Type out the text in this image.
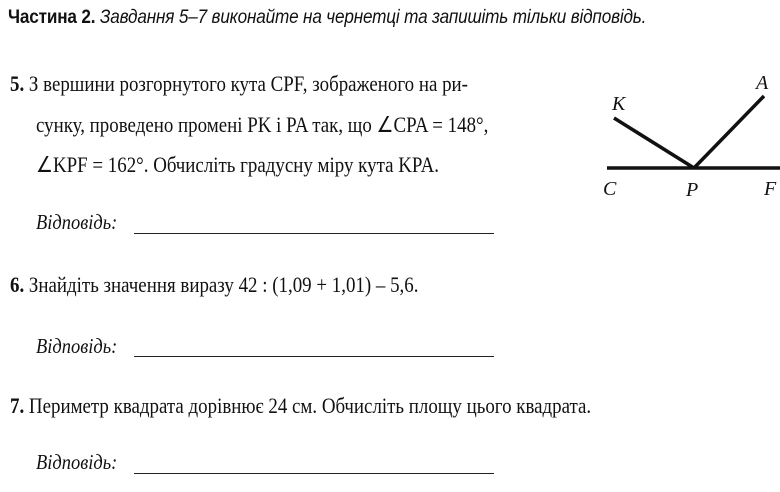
Частина 2. Завдання 5–7 виконайте на чернетці та запишіть тільки відповідь.
5. З вершини розгорнутого кута CPF, зображеного на ри-
сунку, проведено промені PK і PA так, що ∠CPA = 148°,
∠KPF = 162°. Обчисліть градусну міру кута KPA.
Відповідь:
K
A
C	P	F
6. Знайдіть значення виразу 42 : (1,09 + 1,01) – 5,6.
Відповідь:
7. Периметр квадрата дорівнює 24 см. Обчисліть площу цього квадрата.
Відповідь:
